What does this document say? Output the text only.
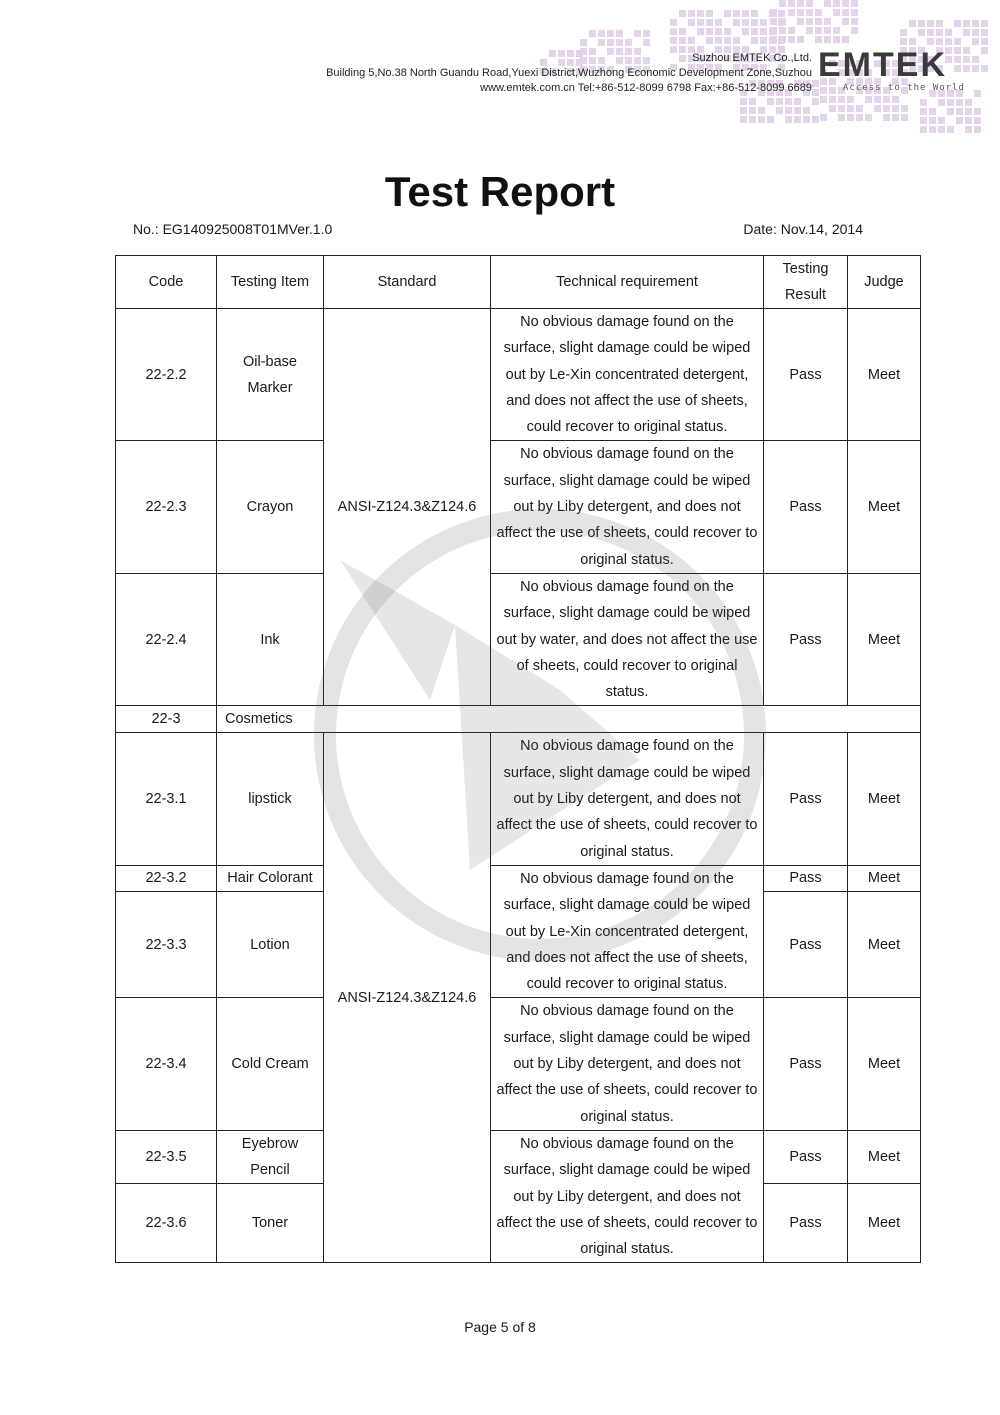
Suzhou EMTEK Co.,Ltd.
Building 5,No.38 North Guandu Road,Yuexi District,Wuzhong Economic Development Zone,Suzhou
www.emtek.com.cn Tel:+86-512-8099 6798 Fax:+86-512-8099 6689
EMTEK
Access to the World
Test Report
No.: EG140925008T01MVer.1.0	Date: Nov.14, 2014
Code	Testing Item	Standard	Technical requirement	Testing Result	Judge
22-2.2	Oil-base Marker	ANSI-Z124.3&Z124.6	No obvious damage found on the surface, slight damage could be wiped out by Le-Xin concentrated detergent, and does not affect the use of sheets, could recover to original status.	Pass	Meet
22-2.3	Crayon		No obvious damage found on the surface, slight damage could be wiped out by Liby detergent, and does not affect the use of sheets, could recover to original status.	Pass	Meet
22-2.4	Ink		No obvious damage found on the surface, slight damage could be wiped out by water, and does not affect the use of sheets, could recover to original status.	Pass	Meet
22-3	Cosmetics				
22-3.1	lipstick	ANSI-Z124.3&Z124.6	No obvious damage found on the surface, slight damage could be wiped out by Liby detergent, and does not affect the use of sheets, could recover to original status.	Pass	Meet
22-3.2	Hair Colorant		No obvious damage found on the surface, slight damage could be wiped out by Le-Xin concentrated detergent, and does not affect the use of sheets, could recover to original status.	Pass	Meet
22-3.3	Lotion			Pass	Meet
22-3.4	Cold Cream		No obvious damage found on the surface, slight damage could be wiped out by Liby detergent, and does not affect the use of sheets, could recover to original status.	Pass	Meet
22-3.5	Eyebrow Pencil		No obvious damage found on the surface, slight damage could be wiped out by Liby detergent, and does not affect the use of sheets, could recover to original status.	Pass	Meet
22-3.6	Toner			Pass	Meet
Page 5 of 8
